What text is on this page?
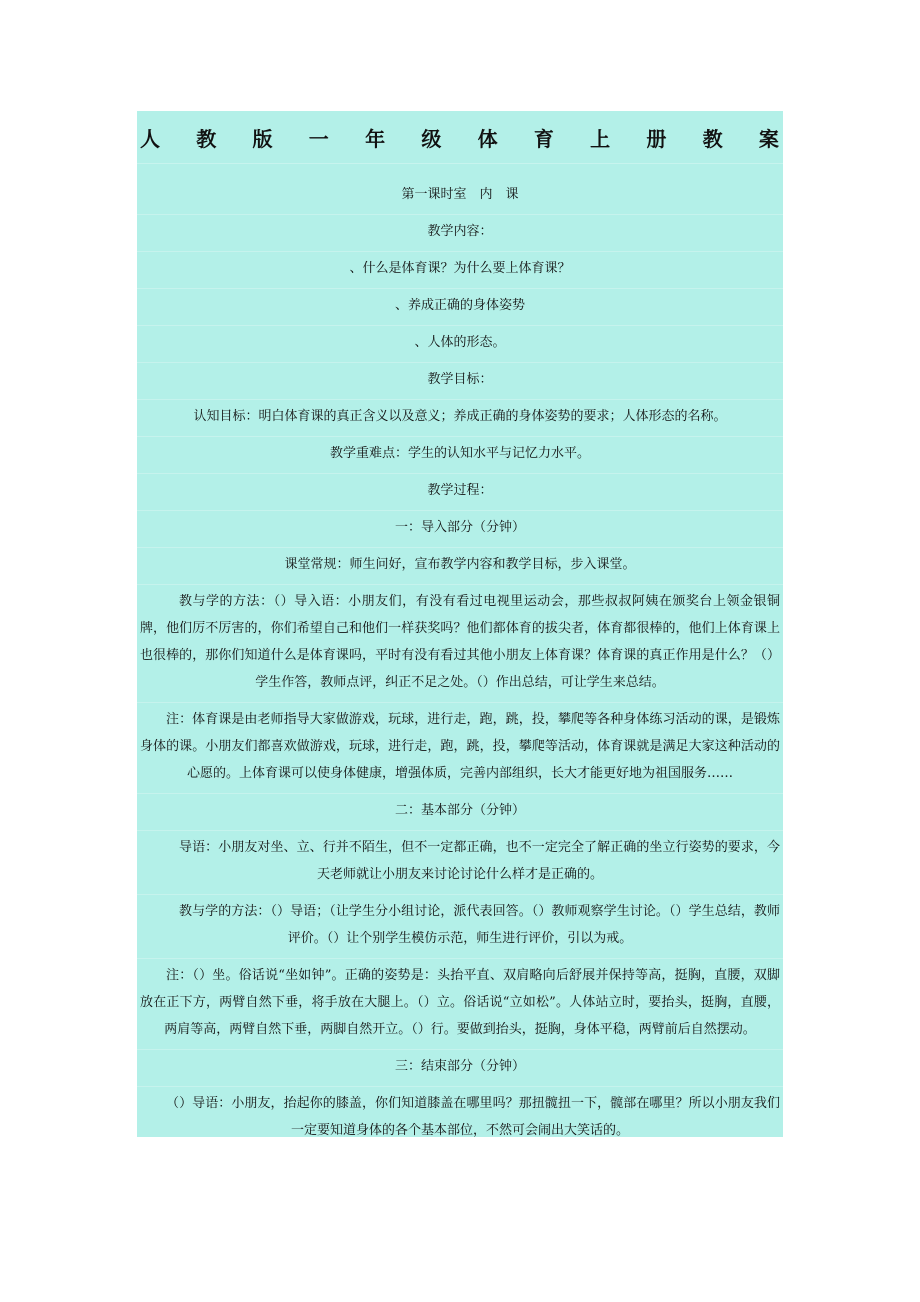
人 教 版 一 年 级 体 育 上 册 教 案
第一课时室　内　课
教学内容：
、什么是体育课？为什么要上体育课？
、养成正确的身体姿势
、人体的形态。
教学目标：
认知目标：明白体育课的真正含义以及意义；养成正确的身体姿势的要求；人体形态的名称。
教学重难点：学生的认知水平与记忆力水平。
教学过程：
一：导入部分（分钟）
课堂常规：师生问好，宣布教学内容和教学目标，步入课堂。
教与学的方法：（）导入语：小朋友们，有没有看过电视里运动会，那些叔叔阿姨在颁奖台上领金银铜牌，他们厉不厉害的，你们希望自己和他们一样获奖吗？他们都体育的拔尖者，体育都很棒的，他们上体育课上也很棒的，那你们知道什么是体育课吗，平时有没有看过其他小朋友上体育课？体育课的真正作用是什么？（）学生作答，教师点评，纠正不足之处。（）作出总结，可让学生来总结。
注：体育课是由老师指导大家做游戏，玩球，进行走，跑，跳，投，攀爬等各种身体练习活动的课，是锻炼身体的课。小朋友们都喜欢做游戏，玩球，进行走，跑，跳，投，攀爬等活动，体育课就是满足大家这种活动的心愿的。上体育课可以使身体健康，增强体质，完善内部组织，长大才能更好地为祖国服务……
二：基本部分（分钟）
导语：小朋友对坐、立、行并不陌生，但不一定都正确，也不一定完全了解正确的坐立行姿势的要求，今天老师就让小朋友来讨论讨论什么样才是正确的。
教与学的方法：（）导语；（让学生分小组讨论，派代表回答。（）教师观察学生讨论。（）学生总结，教师评价。（）让个别学生模仿示范，师生进行评价，引以为戒。
注：（）坐。俗话说“坐如钟”。正确的姿势是：头抬平直、双肩略向后舒展并保持等高，挺胸，直腰，双脚放在正下方，两臂自然下垂，将手放在大腿上。（）立。俗话说“立如松”。人体站立时，要抬头，挺胸，直腰，两肩等高，两臂自然下垂，两脚自然开立。（）行。要做到抬头，挺胸，身体平稳，两臂前后自然摆动。
三：结束部分（分钟）
（）导语：小朋友，抬起你的膝盖，你们知道膝盖在哪里吗？那扭髋扭一下，髋部在哪里？所以小朋友我们一定要知道身体的各个基本部位，不然可会闹出大笑话的。
